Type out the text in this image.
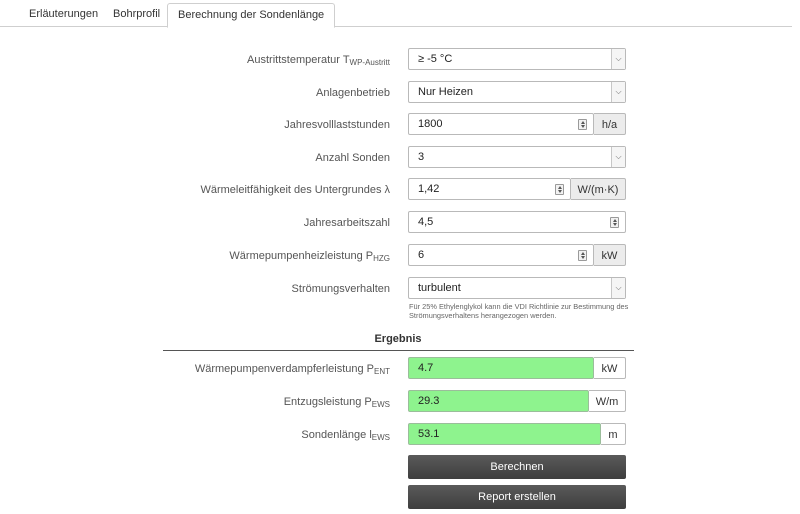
Erläuterungen Bohrprofil	Berechnung der Sondenlänge
Austrittstemperatur $T_{WP-Austritt}$	≥ -5 °C	⌵
Anlagenbetrieb	Nur Heizen	⌵
Jahresvolllaststunden	1800	h/a
Anzahl Sonden	3	⌵
Wärmeleitfähigkeit des Untergrundes λ	1,42	W/(m·K)
Jahresarbeitszahl	4,5
Wärmepumpenheizleistung $P_{HZG}$	6	kW
Strömungsverhalten	turbulent	⌵
Für 25% Ethylenglykol kann die VDI Richtlinie zur Bestimmung des Strömungsverhaltens herangezogen werden.
Ergebnis
Wärmepumpenverdampferleistung $P_{ENT}$	4.7	kW
Entzugsleistung $P_{EWS}$	29.3	W/m
Sondenlänge $l_{EWS}$	53.1	m
Berechnen
Report erstellen
